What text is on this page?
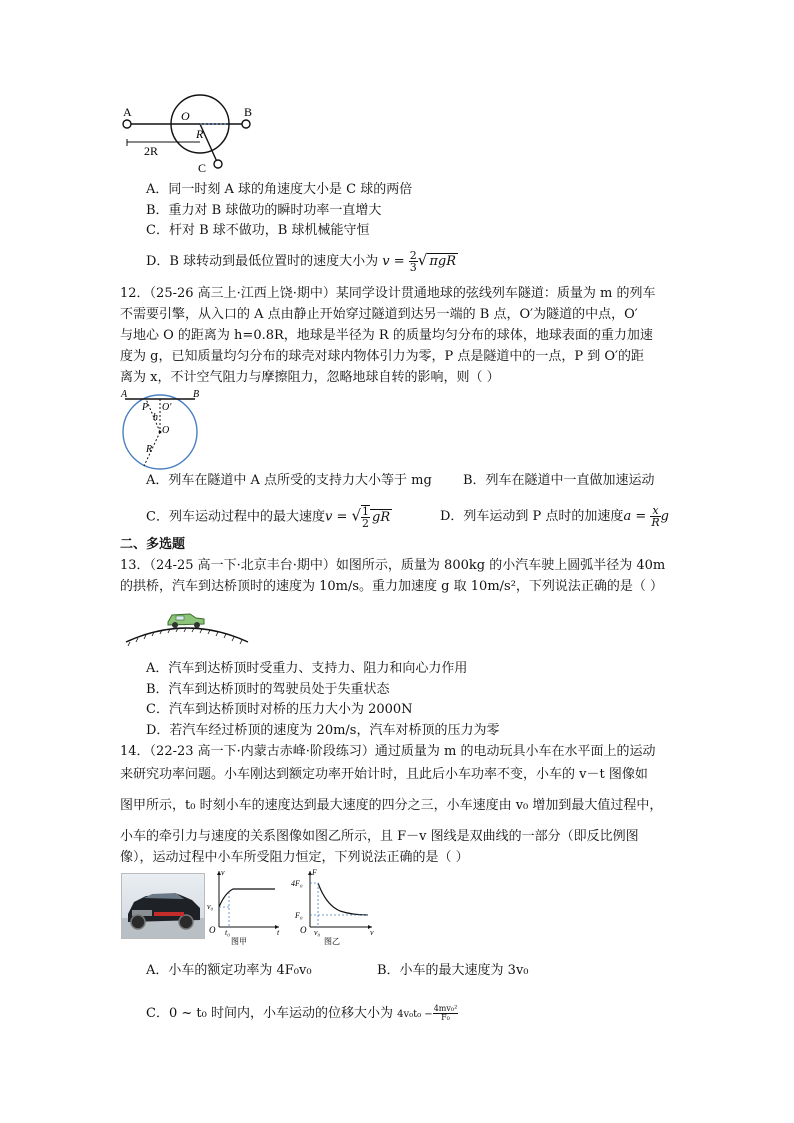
A	B
C
O
R
2R
A．同一时刻 A 球的角速度大小是 C 球的两倍
B．重力对 B 球做功的瞬时功率一直增大
C．杆对 B 球不做功，B 球机械能守恒
D．B 球转动到最低位置时的速度大小为 $v = \frac{2}{3}$ √ πgR
12．（25-26 高三上·江西上饶·期中）某同学设计贯通地球的弦线列车隧道：质量为 m 的列车
不需要引擎，从入口的 A 点由静止开始穿过隧道到达另一端的 B 点，O′为隧道的中点，O′
与地心 O 的距离为 h=0.8R，地球是半径为 R 的质量均匀分布的球体，地球表面的重力加速
度为 g，已知质量均匀分布的球壳对球内物体引力为零，P 点是隧道中的一点，P 到 O′的距
离为 x，不计空气阻力与摩擦阻力，忽略地球自转的影响，则（ ）
A	B
P O′
h
O
R
A．列车在隧道中 A 点所受的支持力大小等于 mg B．列车在隧道中一直做加速运动
C．列车运动过程中的最大速度v = √ $\frac{1}{2}$ gR	D．列车运动到 P 点时的加速度$a = \frac{x}{R}$ g
二、多选题
13．（24-25 高一下·北京丰台·期中）如图所示，质量为 800kg 的小汽车驶上圆弧半径为 40m
的拱桥，汽车到达桥顶时的速度为 10m/s。重力加速度 g 取 10m/s²，下列说法正确的是（ ）
A．汽车到达桥顶时受重力、支持力、阻力和向心力作用
B．汽车到达桥顶时的驾驶员处于失重状态
C．汽车到达桥顶时对桥的压力大小为 2000N
D．若汽车经过桥顶的速度为 20m/s，汽车对桥顶的压力为零
14．（22-23 高一下·内蒙古赤峰·阶段练习）通过质量为 m 的电动玩具小车在水平面上的运动
来研究功率问题。小车刚达到额定功率开始计时，且此后小车功率不变，小车的 v－t 图像如
图甲所示，t₀ 时刻小车的速度达到最大速度的四分之三，小车速度由 v₀ 增加到最大值过程中，
小车的牵引力与速度的关系图像如图乙所示，且 F－v 图线是双曲线的一部分（即反比例图
像），运动过程中小车所受阻力恒定，下列说法正确的是（ ）
v
v₀
O t₀	t
图甲
F
4F₀
F₀
O v₀	v
图乙
A．小车的额定功率为 4F₀v₀	B．小车的最大速度为 3v₀
C．0 ~ t₀ 时间内，小车运动的位移大小为 $4v_0t_0 - \frac{\text{4mv₀²}}{\text{F₀}}$
